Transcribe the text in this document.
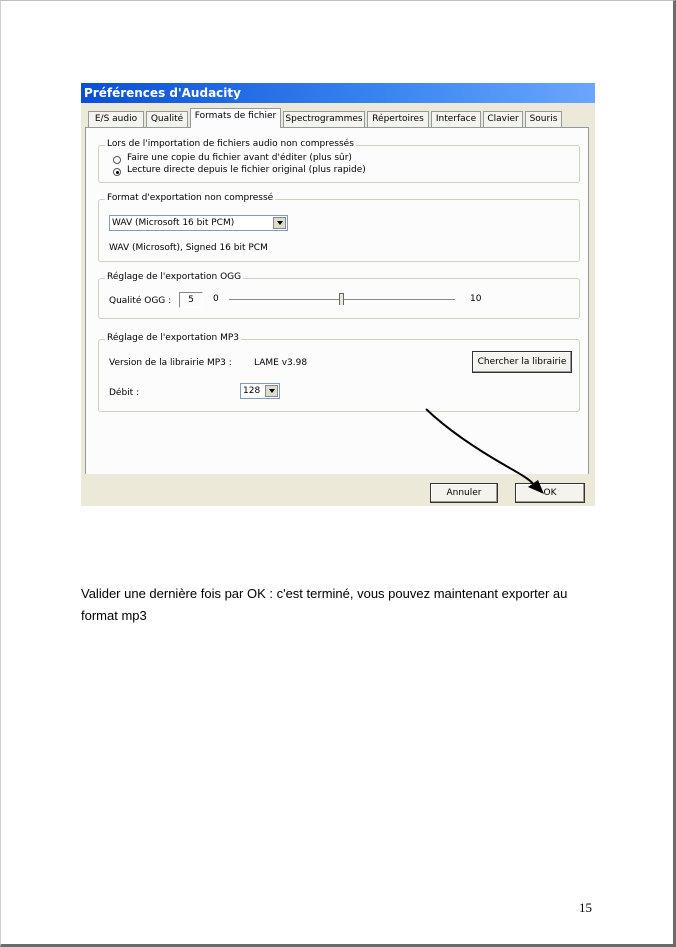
Préférences d'Audacity
E/S audio	Qualité	Formats de fichier	Spectrogrammes	Répertoires	Interface	Clavier	Souris
Lors de l'importation de fichiers audio non compressés
Faire une copie du fichier avant d'éditer (plus sûr)
Lecture directe depuis le fichier original (plus rapide)
Format d'exportation non compressé
WAV (Microsoft 16 bit PCM)
WAV (Microsoft), Signed 16 bit PCM
Réglage de l'exportation OGG
Qualité OGG :	5	0	10
Réglage de l'exportation MP3
Version de la librairie MP3 : LAME v3.98	Chercher la librairie
Débit :	128
Annuler	OK
Valider une dernière fois par OK : c'est terminé, vous pouvez maintenant exporter au format mp3
15
